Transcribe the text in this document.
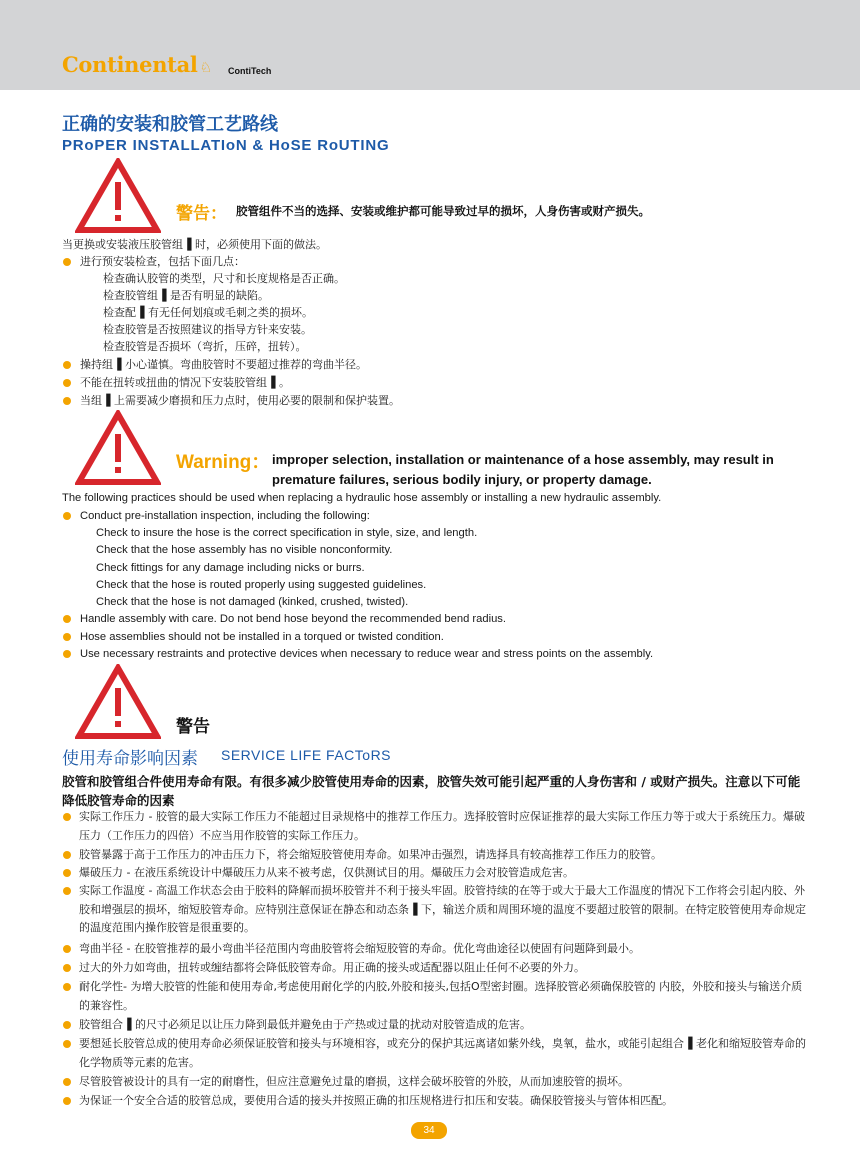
Continental ♘ ContiTech
正确的安装和胶管工艺路线
PRoPER INSTALLATIoN & HoSE RoUTING
警告： 胶管组件不当的选择、安装或维护都可能导致过早的损坏，人身伤害或财产损失。
当更换或安装液压胶管组▐ 时，必须使用下面的做法。
进行预安装检查，包括下面几点：
检查确认胶管的类型，尺寸和长度规格是否正确。
检查胶管组▐ 是否有明显的缺陷。
检查配▐ 有无任何划痕或毛刺之类的损坏。
检查胶管是否按照建议的指导方针来安装。
检查胶管是否损坏（弯折，压碎，扭转）。
操持组▐ 小心谨慎。弯曲胶管时不要超过推荐的弯曲半径。
不能在扭转或扭曲的情况下安装胶管组▐ 。
当组▐ 上需要减少磨损和压力点时，使用必要的限制和保护装置。
Warning： improper selection, installation or maintenance of a hose assembly, may result in premature failures, serious bodily injury, or property damage.
The following practices should be used when replacing a hydraulic hose assembly or installing a new hydraulic assembly.
Conduct pre-installation inspection, including the following:
Check to insure the hose is the correct specification in style, size, and length.
Check that the hose assembly has no visible nonconformity.
Check fittings for any damage including nicks or burrs.
Check that the hose is routed properly using suggested guidelines.
Check that the hose is not damaged (kinked, crushed, twisted).
Handle assembly with care. Do not bend hose beyond the recommended bend radius.
Hose assemblies should not be installed in a torqued or twisted condition.
Use necessary restraints and protective devices when necessary to reduce wear and stress points on the assembly.
警告
使用寿命影响因素 SERVICE LIFE FACToRS
胶管和胶管组合件使用寿命有限。有很多减少胶管使用寿命的因素，胶管失效可能引起严重的人身伤害和 / 或财产损失。注意以下可能降低胶管寿命的因素
实际工作压力 - 胶管的最大实际工作压力不能超过目录规格中的推荐工作压力。选择胶管时应保证推荐的最大实际工作压力等于或大于系统压力。爆破压力（工作压力的四倍）不应当用作胶管的实际工作压力。
胶管暴露于高于工作压力的冲击压力下，将会缩短胶管使用寿命。如果冲击强烈，请选择具有较高推荐工作压力的胶管。
爆破压力 - 在液压系统设计中爆破压力从来不被考虑，仅供测试目的用。爆破压力会对胶管造成危害。
实际工作温度 - 高温工作状态会由于胶料的降解而损坏胶管并不利于接头牢固。胶管持续的在等于或大于最大工作温度的情况下工作将会引起内胶、外胶和增强层的损坏，缩短胶管寿命。应特别注意保证在静态和动态条▐ 下，输送介质和周围环境的温度不要超过胶管的限制。在特定胶管使用寿命规定的温度范围内操作胶管是很重要的。
弯曲半径 - 在胶管推荐的最小弯曲半径范围内弯曲胶管将会缩短胶管的寿命。优化弯曲途径以使固有问题降到最小。
过大的外力如弯曲，扭转或缠结都将会降低胶管寿命。用正确的接头或适配器以阻止任何不必要的外力。
耐化学性- 为增大胶管的性能和使用寿命,考虑使用耐化学的内胶,外胶和接头,包括O型密封圈。选择胶管必须确保胶管的 内胶，外胶和接头与输送介质的兼容性。
胶管组合▐ 的尺寸必须足以让压力降到最低并避免由于产热或过量的扰动对胶管造成的危害。
要想延长胶管总成的使用寿命必须保证胶管和接头与环境相容，或充分的保护其远离诸如紫外线，臭氧，盐水，或能引起组合▐ 老化和缩短胶管寿命的化学物质等元素的危害。
尽管胶管被设计的具有一定的耐磨性，但应注意避免过量的磨损，这样会破坏胶管的外胶，从而加速胶管的损坏。
为保证一个安全合适的胶管总成，要使用合适的接头并按照正确的扣压规格进行扣压和安装。确保胶管接头与管体相匹配。
34
